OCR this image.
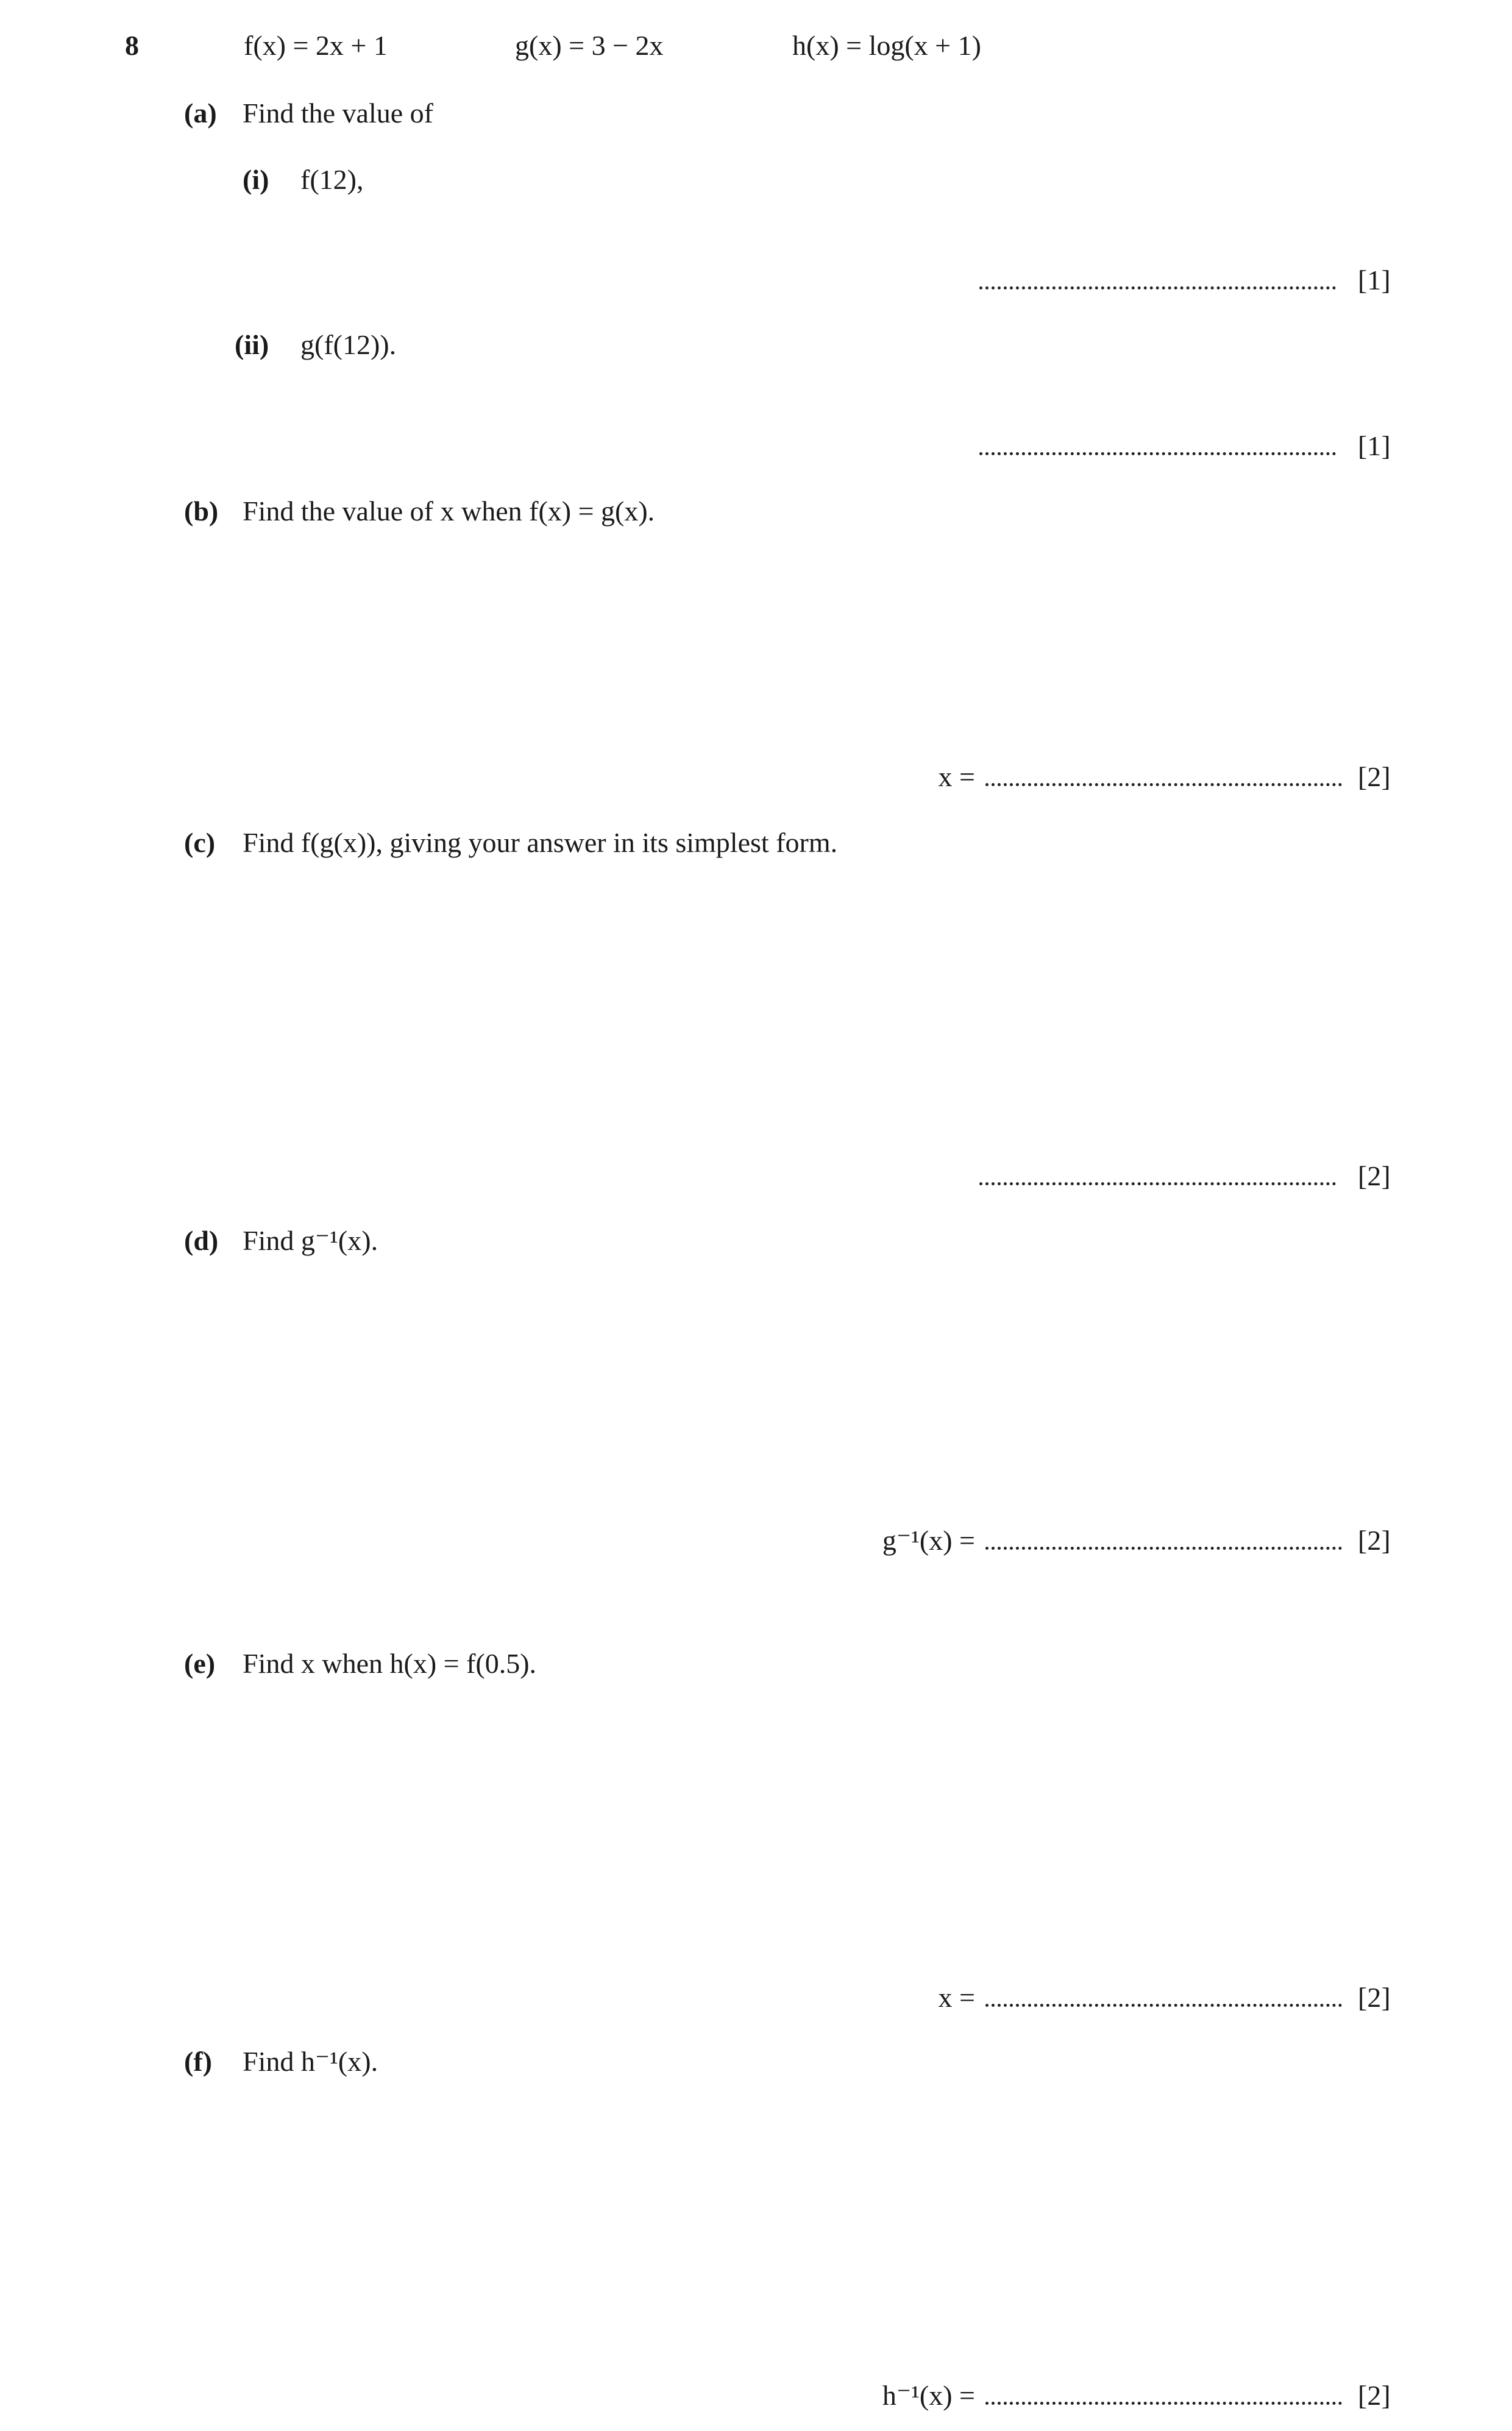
8	f(x) = 2x + 1	g(x) = 3 − 2x	h(x) = log(x + 1)
(a) Find the value of
(i) f(12),
[1]
(ii) g(f(12)).
[1]
(b) Find the value of x when f(x) = g(x).
x =	[2]
(c) Find f(g(x)), giving your answer in its simplest form.
[2]
(d) Find g⁻¹(x).
g⁻¹(x) =	[2]
(e) Find x when h(x) = f(0.5).
x =	[2]
(f) Find h⁻¹(x).
h⁻¹(x) =	[2]
